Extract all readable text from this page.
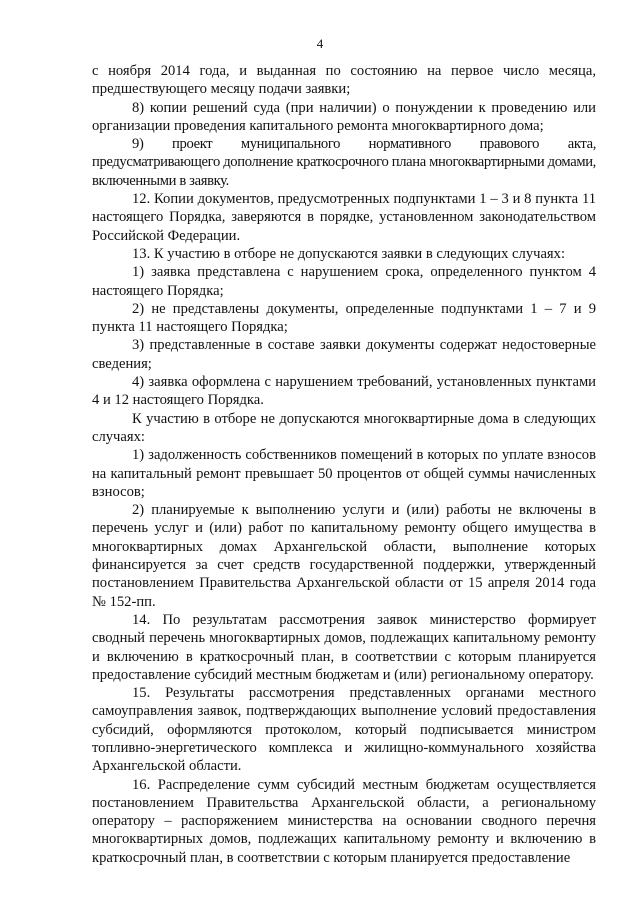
4

с ноября 2014 года, и выданная по состоянию на первое число месяца, предшествующего месяцу подачи заявки;

8) копии решений суда (при наличии) о понуждении к проведению или организации проведения капитального ремонта многоквартирного дома;

9) проект муниципального нормативного правового акта, предусматривающего дополнение краткосрочного плана многоквартирными домами, включенными в заявку.

12. Копии документов, предусмотренных подпунктами 1 – 3 и 8 пункта 11 настоящего Порядка, заверяются в порядке, установленном законодательством Российской Федерации.

13. К участию в отборе не допускаются заявки в следующих случаях:

1) заявка представлена с нарушением срока, определенного пунктом 4 настоящего Порядка;

2) не представлены документы, определенные подпунктами 1 – 7 и 9 пункта 11 настоящего Порядка;

3) представленные в составе заявки документы содержат недостоверные сведения;

4) заявка оформлена с нарушением требований, установленных пунктами 4 и 12 настоящего Порядка.

К участию в отборе не допускаются многоквартирные дома в следующих случаях:

1) задолженность собственников помещений в которых по уплате взносов на капитальный ремонт превышает 50 процентов от общей суммы начисленных взносов;

2) планируемые к выполнению услуги и (или) работы не включены в перечень услуг и (или) работ по капитальному ремонту общего имущества в многоквартирных домах Архангельской области, выполнение которых финансируется за счет средств государственной поддержки, утвержденный постановлением Правительства Архангельской области от 15 апреля 2014 года № 152-пп.

14. По результатам рассмотрения заявок министерство формирует сводный перечень многоквартирных домов, подлежащих капитальному ремонту и включению в краткосрочный план, в соответствии с которым планируется предоставление субсидий местным бюджетам и (или) региональному оператору.

15. Результаты рассмотрения представленных органами местного самоуправления заявок, подтверждающих выполнение условий предоставления субсидий, оформляются протоколом, который подписывается министром топливно-энергетического комплекса и жилищно-коммунального хозяйства Архангельской области.

16. Распределение сумм субсидий местным бюджетам осуществляется постановлением Правительства Архангельской области, а региональному оператору – распоряжением министерства на основании сводного перечня многоквартирных домов, подлежащих капитальному ремонту и включению в краткосрочный план, в соответствии с которым планируется предоставление
